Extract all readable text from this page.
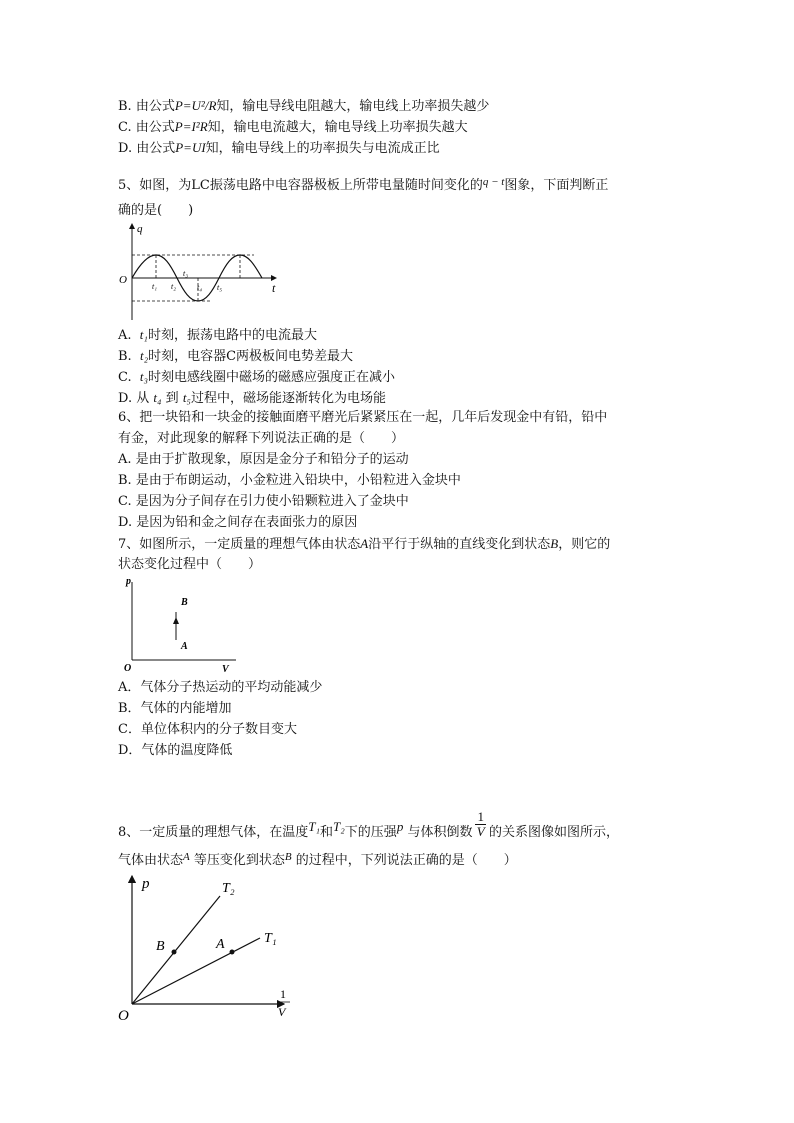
B. 由公式P=U²/R知，输电导线电阻越大，输电线上功率损失越少
C. 由公式P=I²R知，输电电流越大，输电导线上功率损失越大
D. 由公式P=UI知，输电导线上的功率损失与电流成正比
5、如图，为LC振荡电路中电容器极板上所带电量随时间变化的$^{q - t}$图象，下面判断正
确的是(　　)
q
O
t
t₁ t₂
t₃
t₄ t₅
A. t₁时刻，振荡电路中的电流最大
B. t₂时刻，电容器C两极板间电势差最大
C. t₃时刻电感线圈中磁场的磁感应强度正在减小
D. 从 t₄ 到 t₅过程中，磁场能逐渐转化为电场能
6、把一块铅和一块金的接触面磨平磨光后紧紧压在一起，几年后发现金中有铅，铅中
有金，对此现象的解释下列说法正确的是（　　）
A. 是由于扩散现象，原因是金分子和铅分子的运动
B. 是由于布朗运动，小金粒进入铅块中，小铅粒进入金块中
C. 是因为分子间存在引力使小铅颗粒进入了金块中
D. 是因为铅和金之间存在表面张力的原因
7、如图所示，一定质量的理想气体由状态A沿平行于纵轴的直线变化到状态B，则它的
状态变化过程中（　　）
p
O	V
A
B
A．气体分子热运动的平均动能减少
B．气体的内能增加
C．单位体积内的分子数目变大
D．气体的温度降低
8、一定质量的理想气体，在温度T₁和T₂下的压强p 与体积倒数 $\frac{1}{V}$ 的关系图像如图所示，
气体由状态$^A$ 等压变化到状态$^B$ 的过程中，下列说法正确的是（　　）
p	T₂
T₁
B	A
O
1
V
